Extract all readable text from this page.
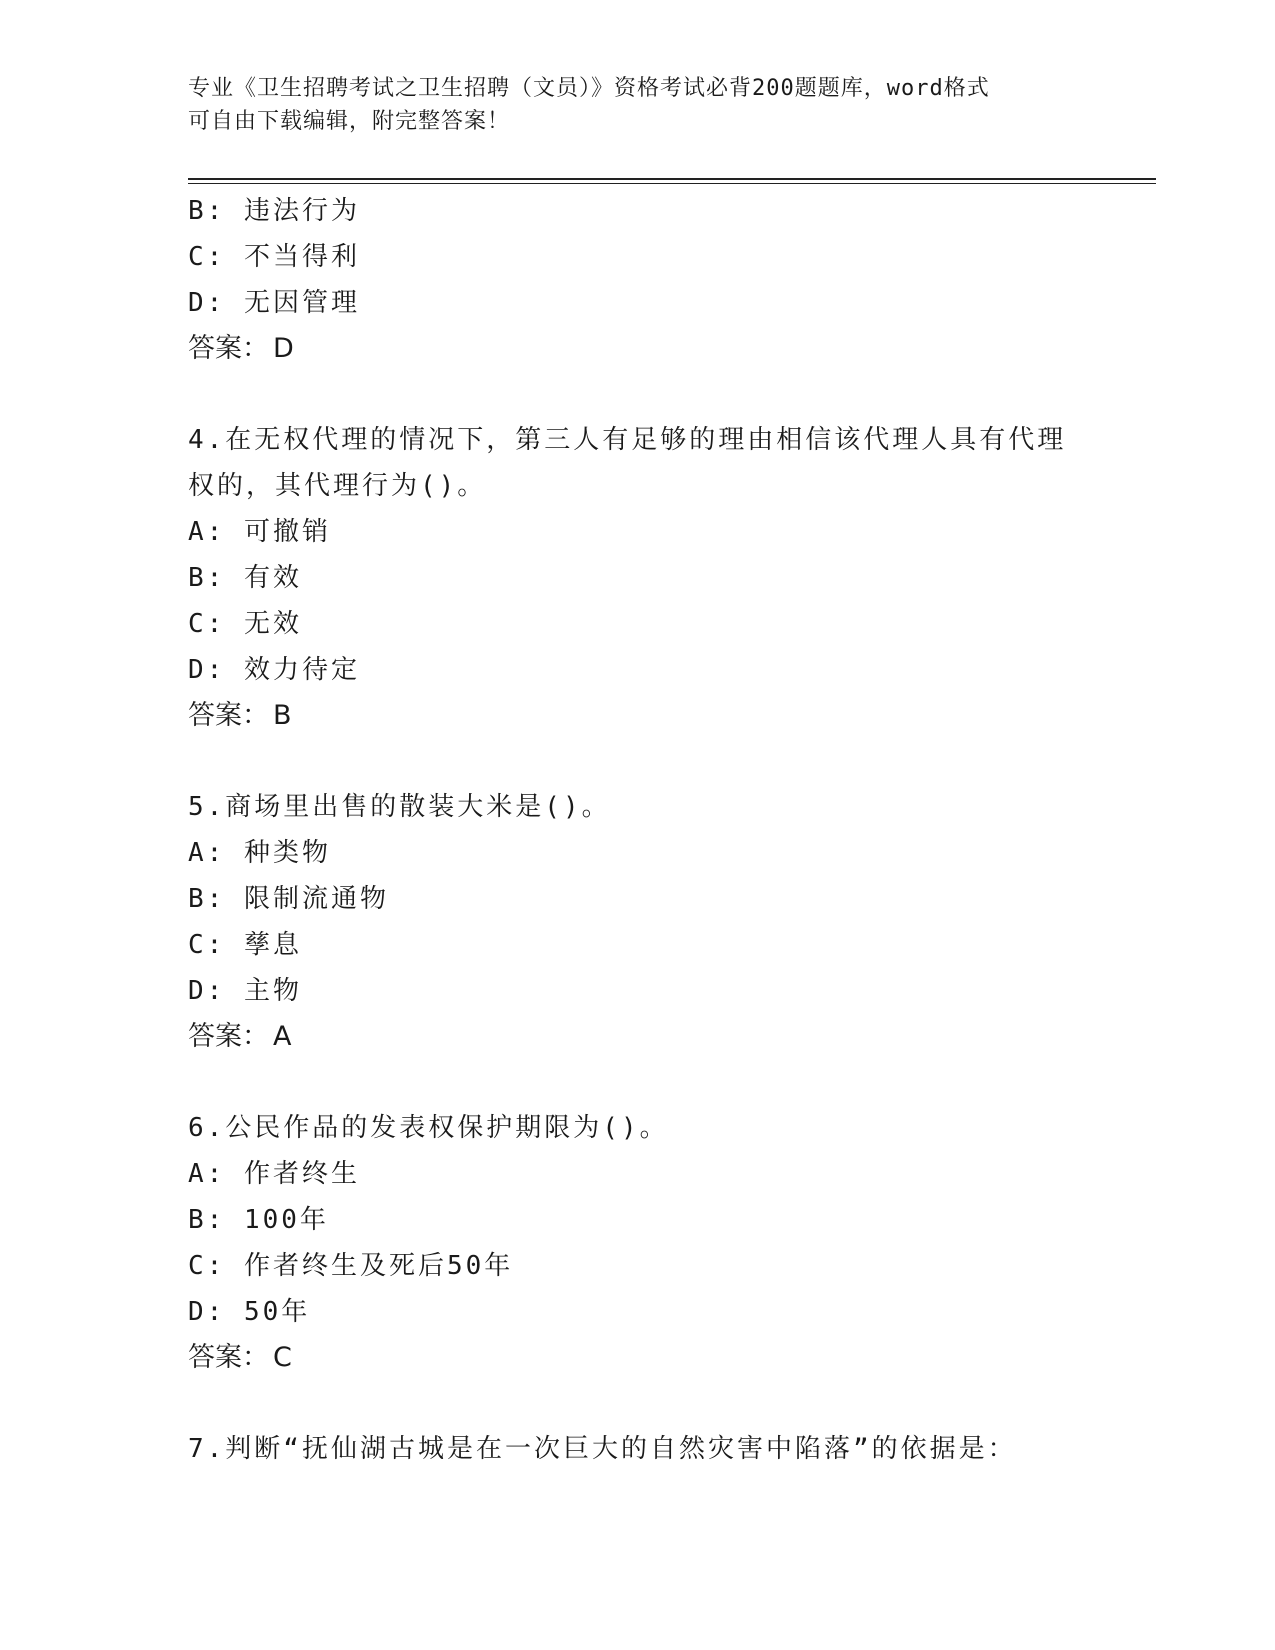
专业《卫生招聘考试之卫生招聘（文员）》资格考试必背200题题库，word格式
可自由下载编辑，附完整答案！
B: 违法行为
C: 不当得利
D: 无因管理
答案： D
4.在无权代理的情况下，第三人有足够的理由相信该代理人具有代理
权的，其代理行为()。
A: 可撤销
B: 有效
C: 无效
D: 效力待定
答案： B
5.商场里出售的散装大米是()。
A: 种类物
B: 限制流通物
C: 孳息
D: 主物
答案： A
6.公民作品的发表权保护期限为()。
A: 作者终生
B: 100年
C: 作者终生及死后50年
D: 50年
答案： C
7.判断“抚仙湖古城是在一次巨大的自然灾害中陷落”的依据是：
